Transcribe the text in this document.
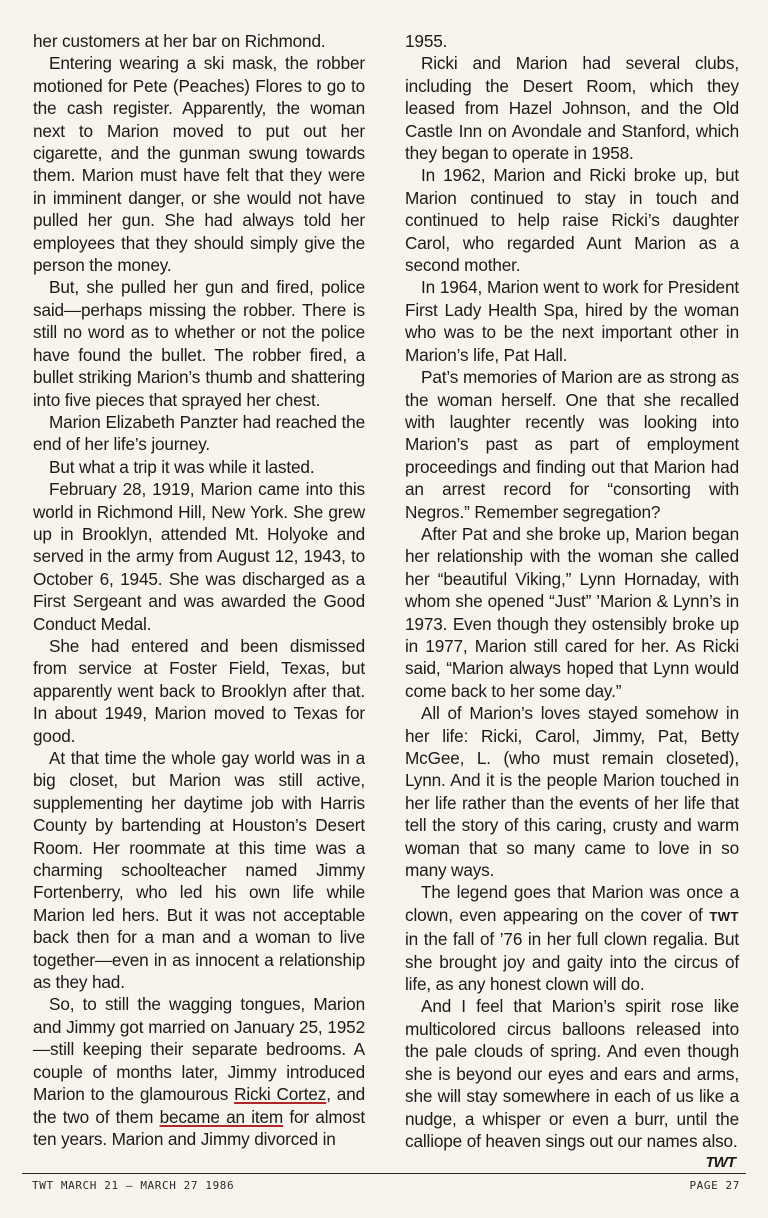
her customers at her bar on Richmond.

Entering wearing a ski mask, the robber motioned for Pete (Peaches) Flores to go to the cash register. Apparently, the woman next to Marion moved to put out her cigarette, and the gunman swung towards them. Marion must have felt that they were in imminent danger, or she would not have pulled her gun. She had always told her employees that they should simply give the person the money.

But, she pulled her gun and fired, police said—perhaps missing the robber. There is still no word as to whether or not the police have found the bullet. The robber fired, a bullet striking Marion’s thumb and shattering into five pieces that sprayed her chest.

Marion Elizabeth Panzter had reached the end of her life’s journey.

But what a trip it was while it lasted.

February 28, 1919, Marion came into this world in Richmond Hill, New York. She grew up in Brooklyn, attended Mt. Holyoke and served in the army from August 12, 1943, to October 6, 1945. She was discharged as a First Sergeant and was awarded the Good Conduct Medal.

She had entered and been dismissed from service at Foster Field, Texas, but apparently went back to Brooklyn after that. In about 1949, Marion moved to Texas for good.

At that time the whole gay world was in a big closet, but Marion was still active, supplementing her daytime job with Harris County by bartending at Houston’s Desert Room. Her roommate at this time was a charming schoolteacher named Jimmy Fortenberry, who led his own life while Marion led hers. But it was not acceptable back then for a man and a woman to live together—even in as innocent a relationship as they had.

So, to still the wagging tongues, Marion and Jimmy got married on January 25, 1952—still keeping their separate bedrooms. A couple of months later, Jimmy introduced Marion to the glamourous Ricki Cortez, and the two of them became an item for almost ten years. Marion and Jimmy divorced in

1955.

Ricki and Marion had several clubs, including the Desert Room, which they leased from Hazel Johnson, and the Old Castle Inn on Avondale and Stanford, which they began to operate in 1958.

In 1962, Marion and Ricki broke up, but Marion continued to stay in touch and continued to help raise Ricki’s daughter Carol, who regarded Aunt Marion as a second mother.

In 1964, Marion went to work for President First Lady Health Spa, hired by the woman who was to be the next important other in Marion’s life, Pat Hall.

Pat’s memories of Marion are as strong as the woman herself. One that she recalled with laughter recently was looking into Marion’s past as part of employment proceedings and finding out that Marion had an arrest record for “consorting with Negros.” Remember segregation?

After Pat and she broke up, Marion began her relationship with the woman she called her “beautiful Viking,” Lynn Hornaday, with whom she opened “Just” ’Marion & Lynn’s in 1973. Even though they ostensibly broke up in 1977, Marion still cared for her. As Ricki said, “Marion always hoped that Lynn would come back to her some day.”

All of Marion’s loves stayed somehow in her life: Ricki, Carol, Jimmy, Pat, Betty McGee, L. (who must remain closeted), Lynn. And it is the people Marion touched in her life rather than the events of her life that tell the story of this caring, crusty and warm woman that so many came to love in so many ways.

The legend goes that Marion was once a clown, even appearing on the cover of TWT in the fall of ’76 in her full clown regalia. But she brought joy and gaity into the circus of life, as any honest clown will do.

And I feel that Marion’s spirit rose like multicolored circus balloons released into the pale clouds of spring. And even though she is beyond our eyes and ears and arms, she will stay somewhere in each of us like a nudge, a whisper or even a burr, until the calliope of heaven sings out our names also.
TWT

TWT MARCH 21 – MARCH 27 1986	PAGE 27
